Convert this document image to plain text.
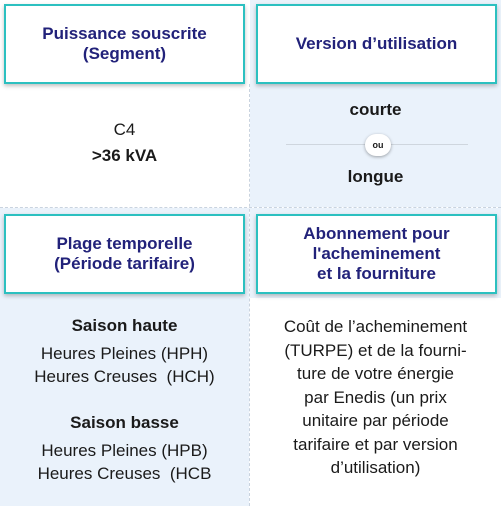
Puissance souscrite
(Segment)
Version d’utilisation
C4
>36 kVA
courte
ou
longue
Plage temporelle
(Période tarifaire)
Abonnement pour
l'acheminement
et la fourniture
Saison haute
Heures Pleines (HPH)
Heures Creuses  (HCH)
Saison basse
Heures Pleines (HPB)
Heures Creuses  (HCB
Coût de l’acheminement
(TURPE) et de la fourni-
ture de votre énergie
par Enedis (un prix
unitaire par période
tarifaire et par version
d’utilisation)
